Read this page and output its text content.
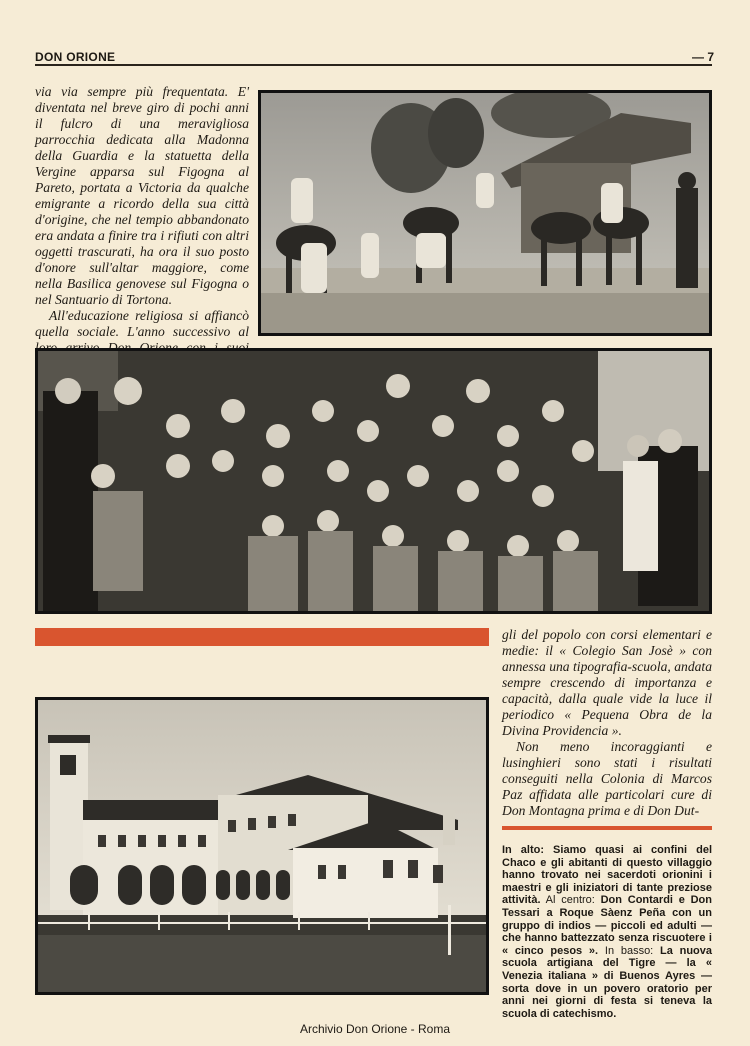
DON ORIONE	— 7

via via sempre più frequentata. E' diventata nel breve giro di pochi anni il fulcro di una meravigliosa parrocchia dedicata alla Madonna della Guardia e la statuetta della Vergine apparsa sul Figogna al Pareto, portata a Victoria da qualche emigrante a ricordo della sua città d'origine, che nel tempio abbandonato era andata a finire tra i rifiuti con altri oggetti trascurati, ha ora il suo posto d'onore sull'altar maggiore, come nella Basilica genovese sul Figogna o nel Santuario di Tortona.

All'educazione religiosa si affiancò quella sociale. L'anno successivo al

gli del popolo con corsi elementari e medie: il « Colegio San Josè » con annessa una tipografia-scuola, andata sempre crescendo di importanza e capacità, dalla quale vide la luce il periodico « Pequena Obra de la Divina Providencia ».

Non meno incoraggianti e lusinghieri sono stati i risultati conseguiti nella Colonia di Marcos Paz affidata alle particolari cure di Don Montagna prima e di Don Dut-

In alto: Siamo quasi ai confini del Chaco e gli abitanti di questo villaggio hanno trovato nei sacerdoti orionini i maestri e gli iniziatori di tante preziose attività. Al centro: Don Contardi e Don Tessari a Roque Sàenz Peña con un gruppo di indios — piccoli ed adulti — che hanno battezzato senza riscuotere i « cinco pesos ». In basso: La nuova scuola artigiana del Tigre — la « Venezia italiana » di Buenos Ayres — sorta dove in un povero oratorio per anni nei giorni di festa si teneva la scuola di catechismo.
Archivio Don Orione - Roma
